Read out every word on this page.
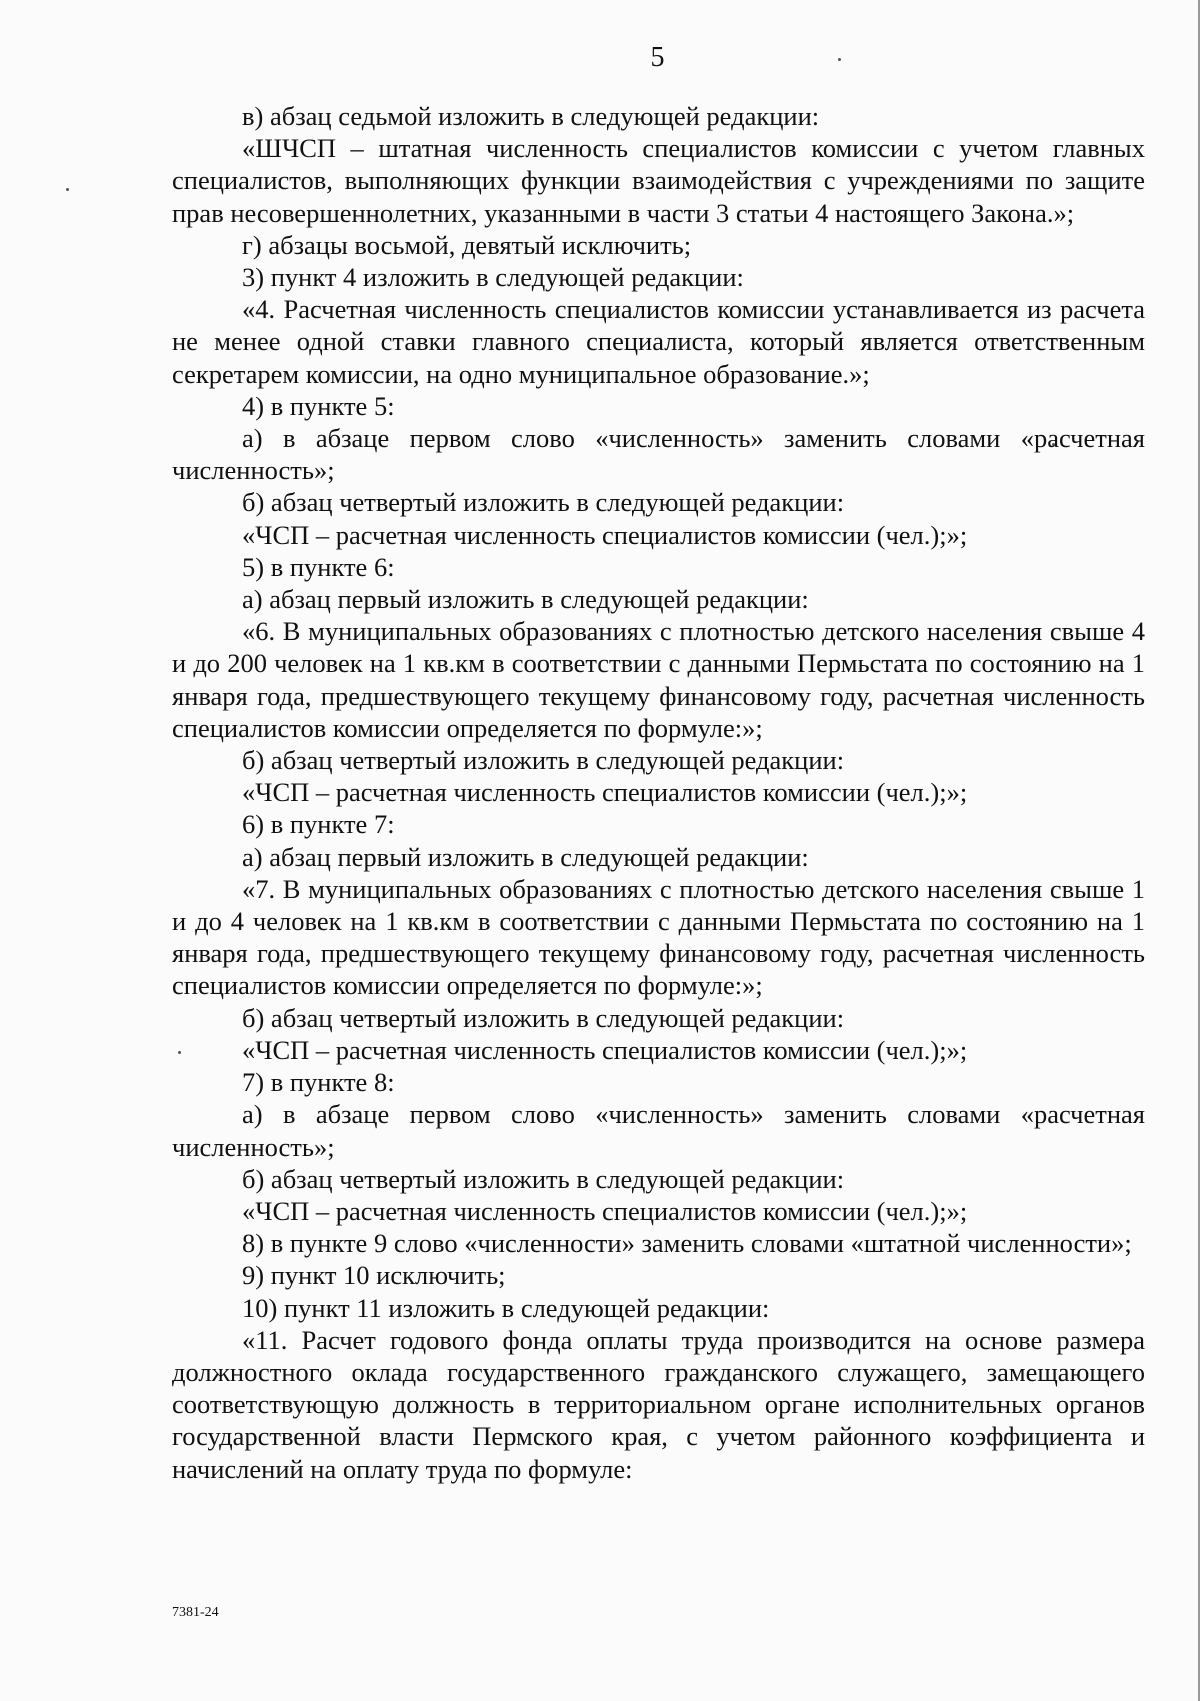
5

в) абзац седьмой изложить в следующей редакции:

«ШЧСП – штатная численность специалистов комиссии с учетом главных специалистов, выполняющих функции взаимодействия с учреждениями по защите прав несовершеннолетних, указанными в части 3 статьи 4 настоящего Закона.»;

г) абзацы восьмой, девятый исключить;

3) пункт 4 изложить в следующей редакции:

«4. Расчетная численность специалистов комиссии устанавливается из расчета не менее одной ставки главного специалиста, который является ответственным секретарем комиссии, на одно муниципальное образование.»;

4) в пункте 5:

а) в абзаце первом слово «численность» заменить словами «расчетная численность»;

б) абзац четвертый изложить в следующей редакции:

«ЧСП – расчетная численность специалистов комиссии (чел.);»;

5) в пункте 6:

а) абзац первый изложить в следующей редакции:

«6. В муниципальных образованиях с плотностью детского населения свыше 4 и до 200 человек на 1 кв.км в соответствии с данными Пермьстата по состоянию на 1 января года, предшествующего текущему финансовому году, расчетная численность специалистов комиссии определяется по формуле:»;

б) абзац четвертый изложить в следующей редакции:

«ЧСП – расчетная численность специалистов комиссии (чел.);»;

6) в пункте 7:

а) абзац первый изложить в следующей редакции:

«7. В муниципальных образованиях с плотностью детского населения свыше 1 и до 4 человек на 1 кв.км в соответствии с данными Пермьстата по состоянию на 1 января года, предшествующего текущему финансовому году, расчетная численность специалистов комиссии определяется по формуле:»;

б) абзац четвертый изложить в следующей редакции:

«ЧСП – расчетная численность специалистов комиссии (чел.);»;

7) в пункте 8:

а) в абзаце первом слово «численность» заменить словами «расчетная численность»;

б) абзац четвертый изложить в следующей редакции:

«ЧСП – расчетная численность специалистов комиссии (чел.);»;

8) в пункте 9 слово «численности» заменить словами «штатной численности»;

9) пункт 10 исключить;

10) пункт 11 изложить в следующей редакции:

«11. Расчет годового фонда оплаты труда производится на основе размера должностного оклада государственного гражданского служащего, замещающего соответствующую должность в территориальном органе исполнительных органов государственной власти Пермского края, с учетом районного коэффициента и начислений на оплату труда по формуле:

7381-24
